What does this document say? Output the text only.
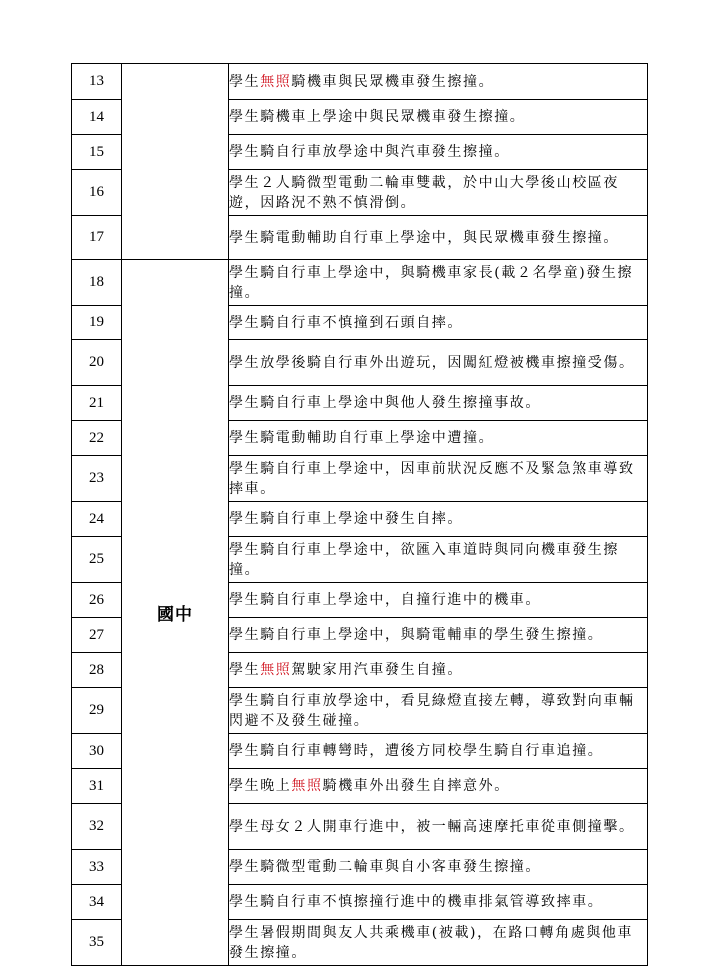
13		學生無照騎機車與民眾機車發生擦撞。
14		學生騎機車上學途中與民眾機車發生擦撞。
15		學生騎自行車放學途中與汽車發生擦撞。
16		學生２人騎微型電動二輪車雙載，於中山大學後山校區夜遊，因路況不熟不慎滑倒。
17		學生騎電動輔助自行車上學途中，與民眾機車發生擦撞。
18	國中	學生騎自行車上學途中，與騎機車家長(載２名學童)發生擦撞。
19		學生騎自行車不慎撞到石頭自摔。
20		學生放學後騎自行車外出遊玩，因闖紅燈被機車擦撞受傷。
21		學生騎自行車上學途中與他人發生擦撞事故。
22		學生騎電動輔助自行車上學途中遭撞。
23		學生騎自行車上學途中，因車前狀況反應不及緊急煞車導致摔車。
24		學生騎自行車上學途中發生自摔。
25		學生騎自行車上學途中，欲匯入車道時與同向機車發生擦撞。
26		學生騎自行車上學途中，自撞行進中的機車。
27		學生騎自行車上學途中，與騎電輔車的學生發生擦撞。
28		學生無照駕駛家用汽車發生自撞。
29		學生騎自行車放學途中，看見綠燈直接左轉，導致對向車輛閃避不及發生碰撞。
30		學生騎自行車轉彎時，遭後方同校學生騎自行車追撞。
31		學生晚上無照騎機車外出發生自摔意外。
32		學生母女２人開車行進中，被一輛高速摩托車從車側撞擊。
33		學生騎微型電動二輪車與自小客車發生擦撞。
34		學生騎自行車不慎擦撞行進中的機車排氣管導致摔車。
35		學生暑假期間與友人共乘機車(被載)，在路口轉角處與他車發生擦撞。
